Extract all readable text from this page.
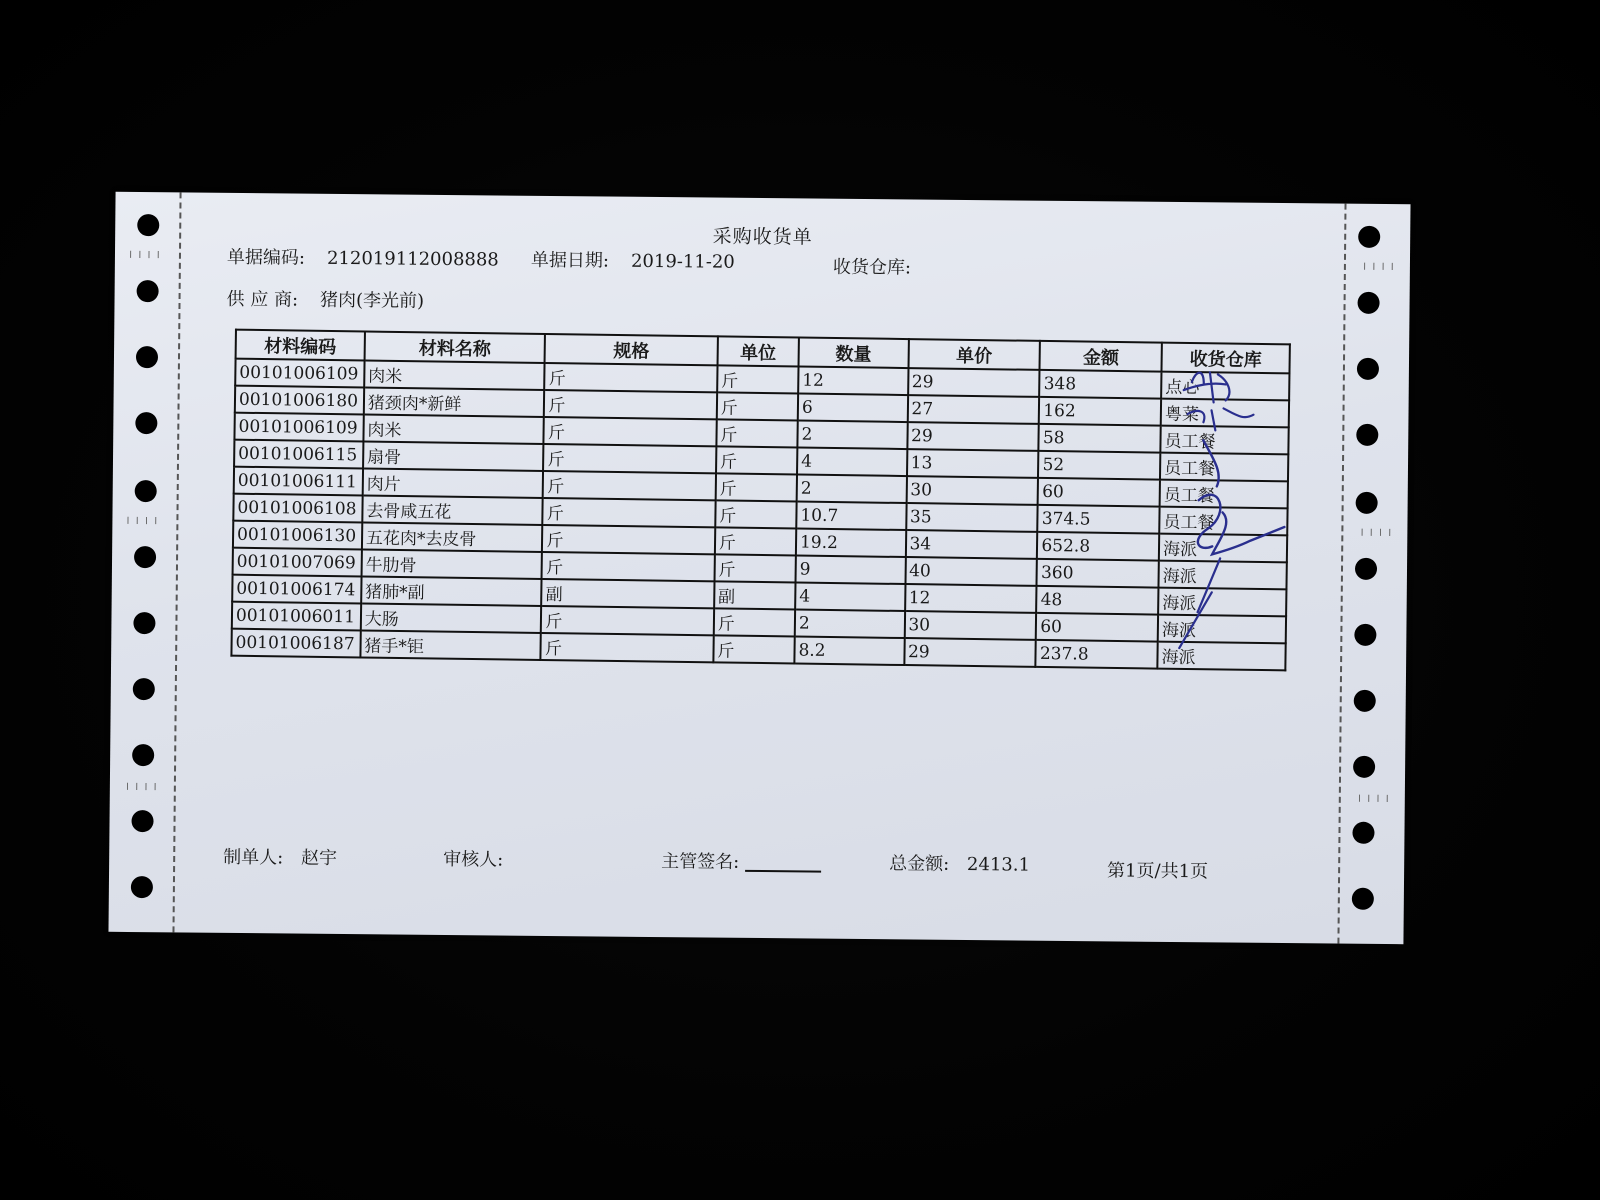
╷╷╷╷
╷╷╷╷
╷╷╷╷
╷╷╷╷
╷╷╷╷
╷╷╷╷
采购收货单
单据编码: 212019112008888 单据日期: 2019-11-20	收货仓库:
供 应 商: 猪肉(李光前)
材料编码	材料名称	规格	单位	数量	单价	金额	收货仓库
00101006109	肉米	斤	斤	12	29	348	点心
00101006180	猪颈肉*新鲜	斤	斤	6	27	162	粤菜
00101006109	肉米	斤	斤	2	29	58	员工餐
00101006115	扇骨	斤	斤	4	13	52	员工餐
00101006111	肉片	斤	斤	2	30	60	员工餐
00101006108	去骨咸五花	斤	斤	10.7	35	374.5	员工餐
00101006130	五花肉*去皮骨	斤	斤	19.2	34	652.8	海派
00101007069	牛肋骨	斤	斤	9	40	360	海派
00101006174	猪肺*副	副	副	4	12	48	海派
00101006011	大肠	斤	斤	2	30	60	海派
00101006187	猪手*钜	斤	斤	8.2	29	237.8	海派
制单人: 赵宇	审核人:	主管签名:	总金额: 2413.1	第1页/共1页
